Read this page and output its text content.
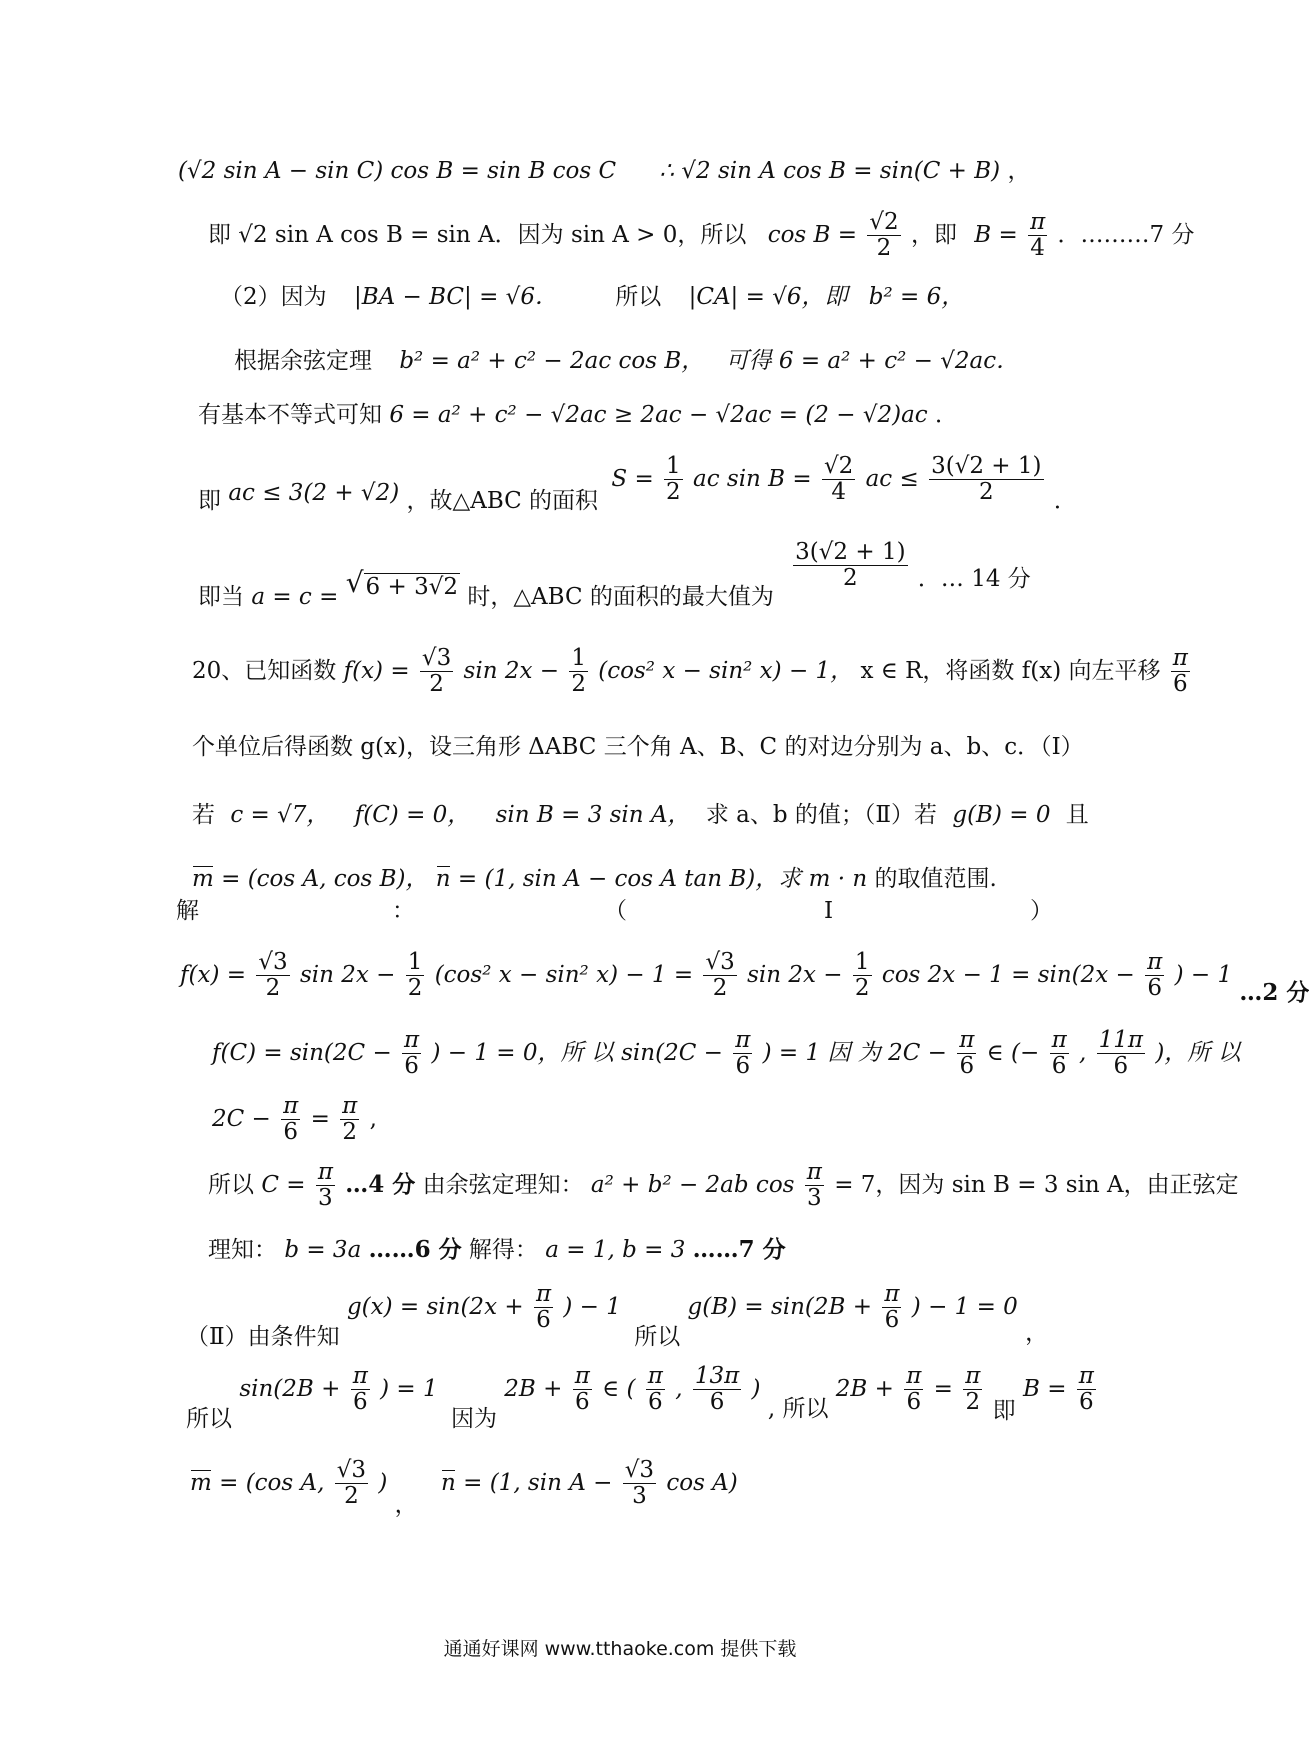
(√2 sin A − sin C) cos B = sin B cos C ∴ √2 sin A cos B = sin(C + B) ，
即 √2 sin A cos B = sin A．因为 sin A > 0，所以 $\cos B = \frac{√2}{2}$ ，即 $B = \frac{\pi}{4}$ ．………7 分
（2）因为 |BA − BC| = √6． 所以 |CA| = √6，即 b² = 6，
根据余弦定理 b² = a² + c² − 2ac cos B， 可得 6 = a² + c² − √2ac．
有基本不等式可知 6 = a² + c² − √2ac ≥ 2ac − √2ac = (2 − √2)ac ．
即 ac ≤ 3(2 + √2) ，故△ABC 的面积 $S = \frac{1}{2}$ ac $\sin B = \frac{√2}{4}$ ac ≤ $\frac{3(√2 + 1)}{2}$ ．
即当 a = c = √6 + 3√2 时，△ABC 的面积的最大值为
$\frac{3(√2 + 1)}{2}$ ．… 14 分
20、已知函数 $f(x) = \frac{√3}{2}$ $\sin 2x - \frac{1}{2} (\cos^2$ x − sin² x) − 1， x ∈ R，将函数 f(x) 向左平移 $\frac{\pi}{6}$
个单位后得函数 g(x)，设三角形 ΔABC 三个角 A、B、C 的对边分别为 a、b、c．（Ⅰ）
若 c = √7， f(C) = 0， sin B = 3 sin A， 求 a、b 的值；（Ⅱ）若 g(B) = 0 且
m = (cos A, cos B)， n = (1, sin A − cos A tan B)，求 m · n 的取值范围.
解	：	（	Ⅰ	）
$f(x) = \frac{√3}{2}$ $\sin 2x - \frac{1}{2} (\cos^2$ x − sin² $x) - 1 = \frac{√3}{2}$ $\sin 2x - \frac{1}{2}$ $\cos 2x - 1 = \sin(2x - \frac{\pi}{6}$ ) − 1 …2 分
$f(C) = \sin(2C - \frac{\pi}{6}$ ) − 1 = 0，所 以 $\sin(2C - \frac{\pi}{6}$ ) = 1 因 为 $2C - \frac{\pi}{6}$ ∈ (− $\frac{\pi}{6}$ , $\frac{11\pi}{6}$ )，所 以
$2C - \frac{\pi}{6} = \frac{\pi}{2}$ ,
所以 $C = \frac{\pi}{3}$ …4 分 由余弦定理知： a² + b² − 2ab $\cos \frac{\pi}{3} = 7$，因为 sin B = 3 sin A，由正弦定
理知： b = 3a ……6 分 解得： a = 1, b = 3 ……7 分
（Ⅱ）由条件知 $g(x) = \sin(2x + \frac{\pi}{6}$ ) − 1 所以 $g(B) = \sin(2B + \frac{\pi}{6}$ ) − 1 = 0 ，
所以 $\sin(2B + \frac{\pi}{6}$ ) = 1 因为 $2B + \frac{\pi}{6}$ ∈ ( $\frac{\pi}{6}$ , $\frac{13\pi}{6}$ ) , 所以 $2B + \frac{\pi}{6} = \frac{\pi}{2}$ 即 $B = \frac{\pi}{6}$
m = (cos A, $\frac{√3}{2}$ ) ， n = (1, $\sin A - \frac{√3}{3}$ cos A)
通通好课网 www.tthaoke.com 提供下载
